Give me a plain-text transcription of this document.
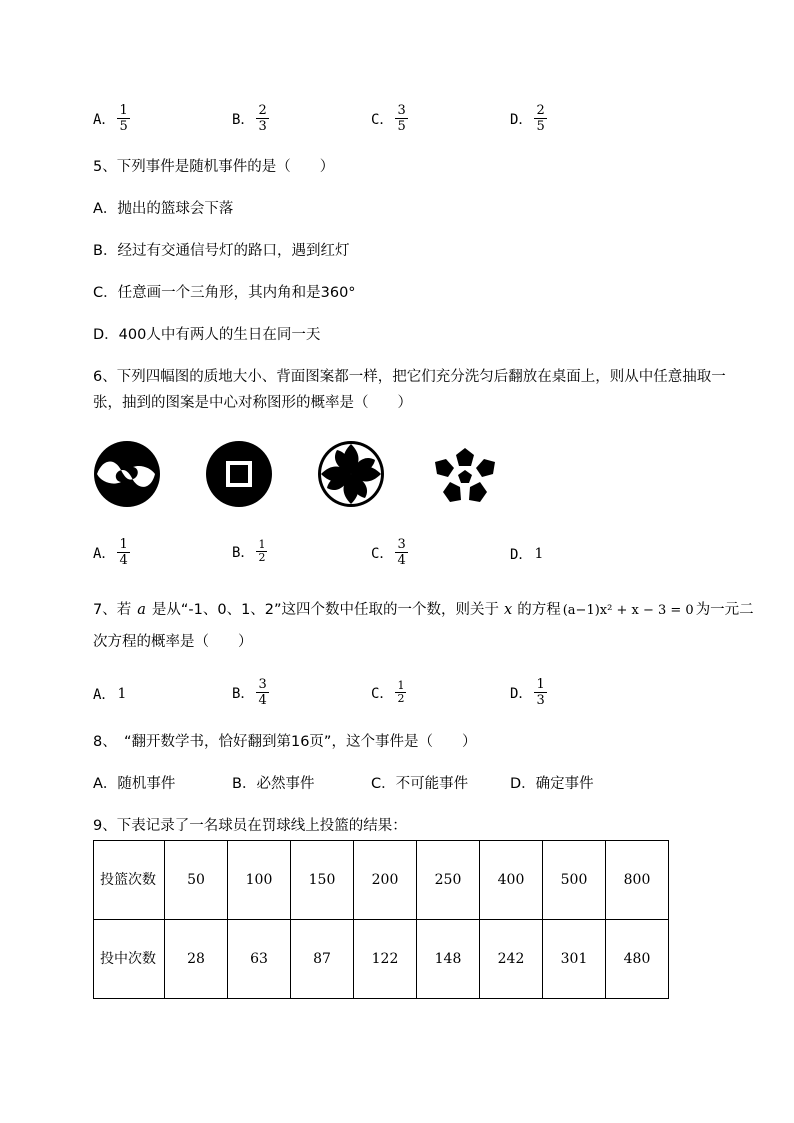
A． $\frac{1}{5}$	B． $\frac{2}{3}$	C． $\frac{3}{5}$	D． $\frac{2}{5}$
5、下列事件是随机事件的是（　　）
A．抛出的篮球会下落
B．经过有交通信号灯的路口，遇到红灯
C．任意画一个三角形，其内角和是360°
D．400人中有两人的生日在同一天
6、下列四幅图的质地大小、背面图案都一样，把它们充分洗匀后翻放在桌面上，则从中任意抽取一
张，抽到的图案是中心对称图形的概率是（　　）
A． $\frac{1}{4}$	B． $\frac{1}{2}$	C． $\frac{3}{4}$	D． 1
7、若 a 是从“-1、0、1、2”这四个数中任取的一个数，则关于 x 的方程 (a−1)x² + x − 3 = 0 为一元二
次方程的概率是（　　）
A． 1	B． $\frac{3}{4}$	C． $\frac{1}{2}$	D． $\frac{1}{3}$
8、　“翻开数学书，恰好翻到第16页”，这个事件是（　　）
A．随机事件	B．必然事件	C．不可能事件	D．确定事件
9、下表记录了一名球员在罚球线上投篮的结果：
投篮次数	50	100	150	200	250	400	500	800
投中次数	28	63	87	122	148	242	301	480
